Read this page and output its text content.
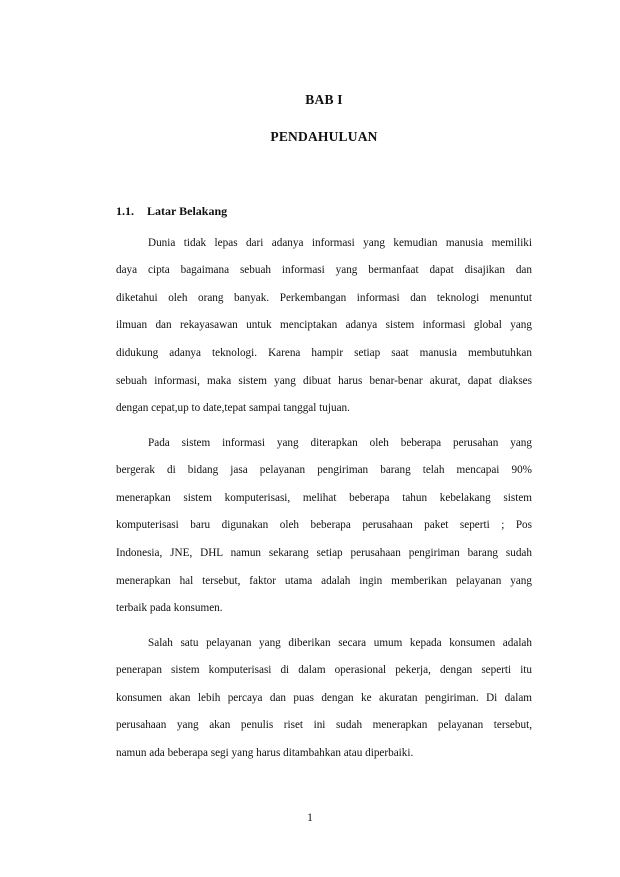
BAB I
PENDAHULUAN
1.1. Latar Belakang
Dunia tidak lepas dari adanya informasi yang kemudian manusia memiliki
daya cipta bagaimana sebuah informasi yang bermanfaat dapat disajikan dan
diketahui oleh orang banyak. Perkembangan informasi dan teknologi menuntut
ilmuan dan rekayasawan untuk menciptakan adanya sistem informasi global yang
didukung adanya teknologi. Karena hampir setiap saat manusia membutuhkan
sebuah informasi, maka sistem yang dibuat harus benar-benar akurat, dapat diakses
dengan cepat,up to date,tepat sampai tanggal tujuan.
Pada sistem informasi yang diterapkan oleh beberapa perusahan yang
bergerak di bidang jasa pelayanan pengiriman barang telah mencapai 90%
menerapkan sistem komputerisasi, melihat beberapa tahun kebelakang sistem
komputerisasi baru digunakan oleh beberapa perusahaan paket seperti ; Pos
Indonesia, JNE, DHL namun sekarang setiap perusahaan pengiriman barang sudah
menerapkan hal tersebut, faktor utama adalah ingin memberikan pelayanan yang
terbaik pada konsumen.
Salah satu pelayanan yang diberikan secara umum kepada konsumen adalah
penerapan sistem komputerisasi di dalam operasional pekerja, dengan seperti itu
konsumen akan lebih percaya dan puas dengan ke akuratan pengiriman. Di dalam
perusahaan yang akan penulis riset ini sudah menerapkan pelayanan tersebut,
namun ada beberapa segi yang harus ditambahkan atau diperbaiki.
1
